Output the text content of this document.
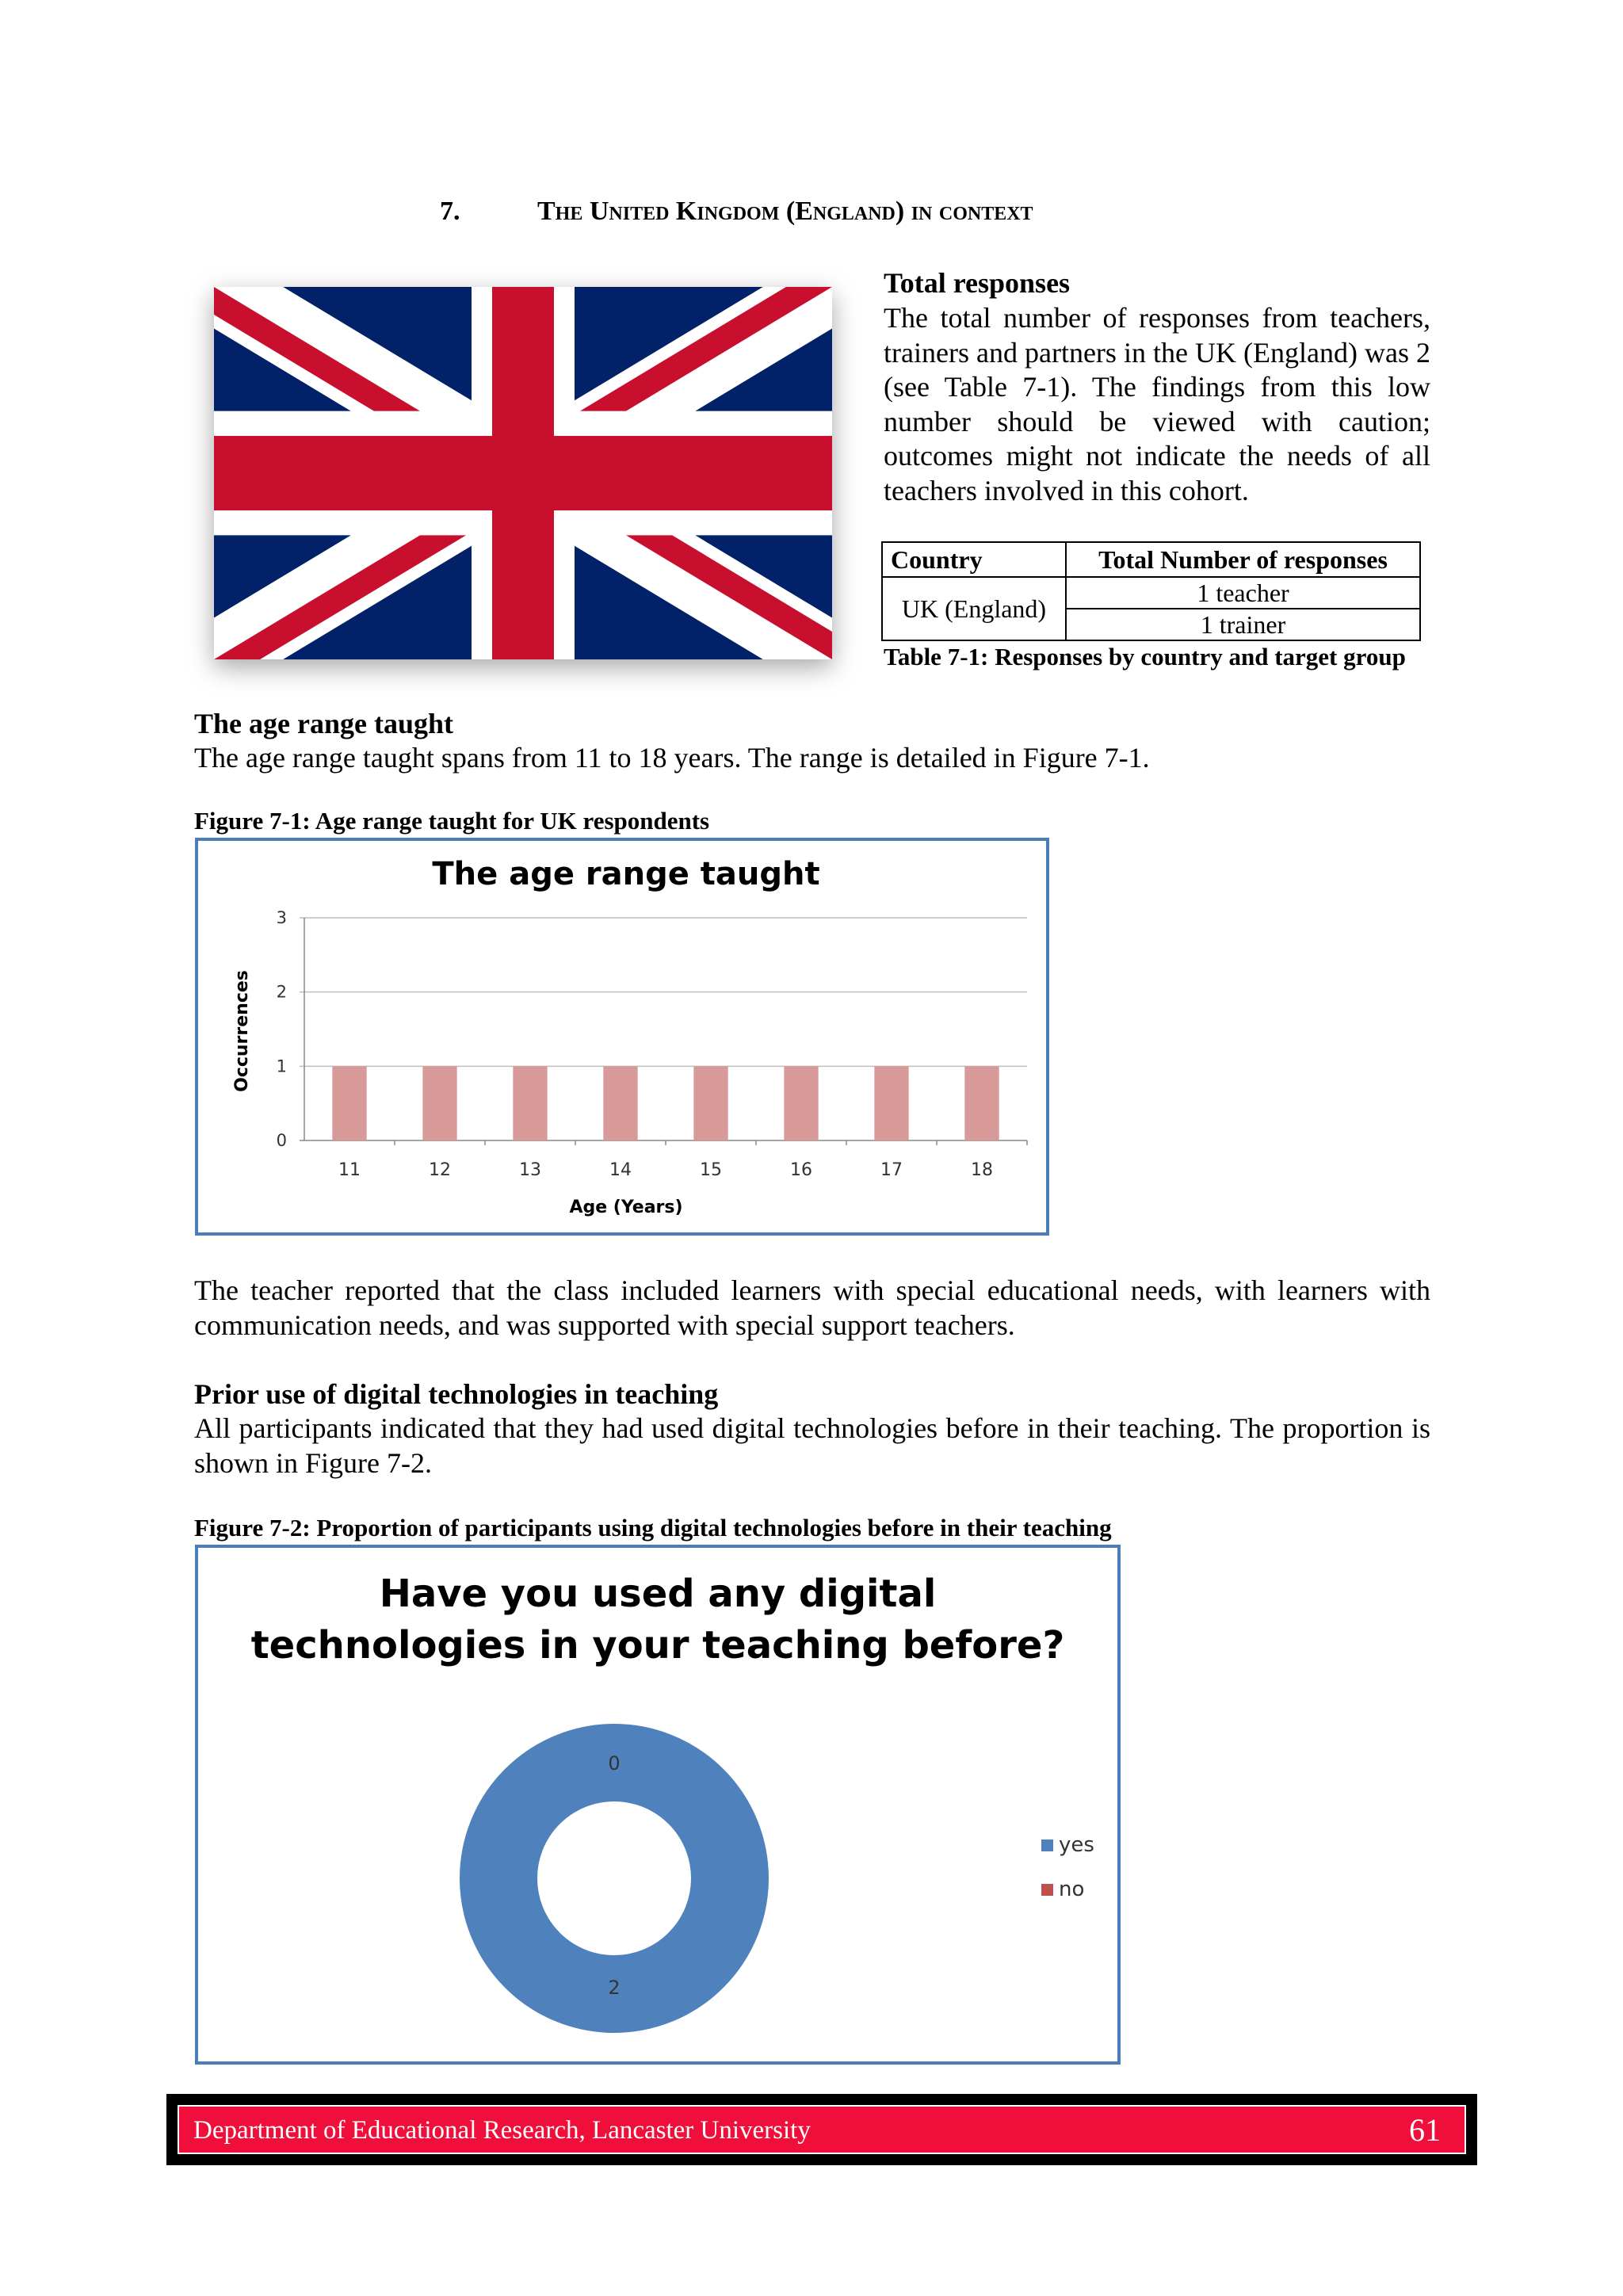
7.	The United Kingdom (England) in context
Total responses
The total number of responses from teachers, trainers and partners in the UK (England) was 2 (see Table 7-1). The findings from this low number should be viewed with caution; outcomes might not indicate the needs of all teachers involved in this cohort.
Country	Total Number of responses
UK (England)	1 teacher
	1 trainer
Table 7-1: Responses by country and target group
The age range taught
The age range taught spans from 11 to 18 years. The range is detailed in Figure 7-1.
Figure 7-1: Age range taught for UK respondents
The age range taught
0
1
2
3
11	12	13	14	15	16	17	18
Occurrences
Age (Years)
The teacher reported that the class included learners with special educational needs, with learners with communication needs, and was supported with special support teachers.
Prior use of digital technologies in teaching
All participants indicated that they had used digital technologies before in their teaching. The proportion is shown in Figure 7-2.
Figure 7-2: Proportion of participants using digital technologies before in their teaching
Have you used any digital
technologies in your teaching before?
2
0
yes
no
Department of Educational Research, Lancaster University	61
